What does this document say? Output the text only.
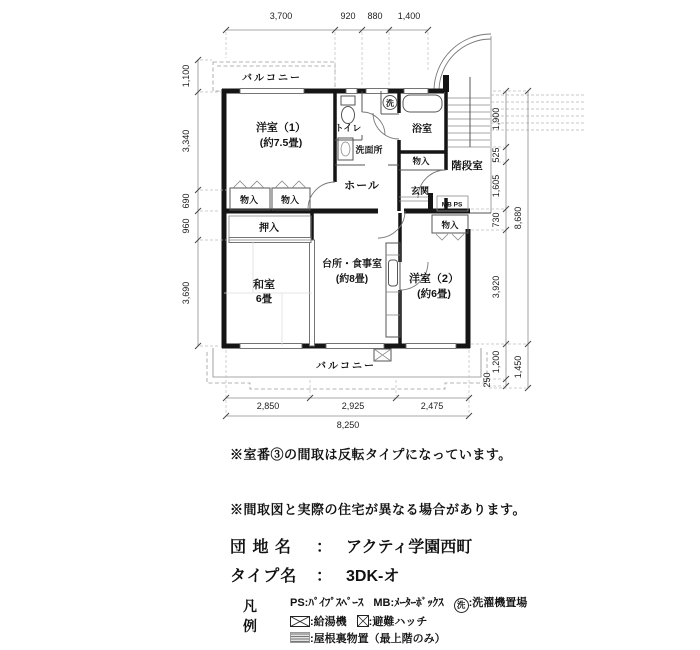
洗
バルコニー
洋室（1）
(約7.5畳)
トイレ	浴室
洗面所
物入 階段室
玄関
ホール
MB PS
物入	物入
押入	物入
和室
6畳
台所・食事室
(約8畳)	洋室（2）
(約6畳)
バルコニー
3,700	920 880 1,400
1,100
3,340
690
960
3,690
1,900
525
1,605
730
3,920
1,200
250
8,680
1,450
2,850	2,925	2,475
8,250
※室番③の間取は反転タイプになっています。
※間取図と実際の住宅が異なる場合があります。
団 地 名	： アクティ学園西町
タイプ名	： 3DK-オ
凡例
PS:ﾊﾟｲﾌﾟｽﾍﾟｰｽ MB:ﾒｰﾀｰﾎﾞｯｸｽ 洗 :洗濯機置場
:給湯機 :避難ハッチ
:屋根裏物置（最上階のみ）
